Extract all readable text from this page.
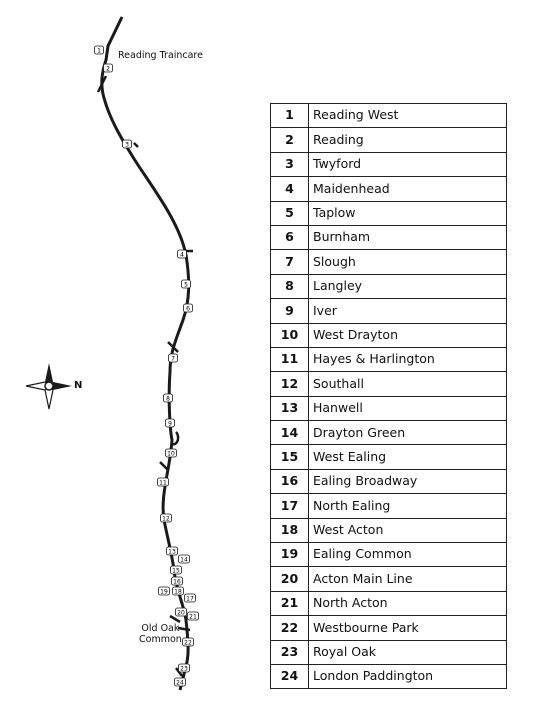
1
2
3
4
5
6
7
8
9
10
11
12
13
14
15
16
17
18
19
20
21
22
23
24
Reading Traincare
Old Oak
Common
N
1	Reading West
2	Reading
3	Twyford
4	Maidenhead
5	Taplow
6	Burnham
7	Slough
8	Langley
9	Iver
10	West Drayton
11	Hayes & Harlington
12	Southall
13	Hanwell
14	Drayton Green
15	West Ealing
16	Ealing Broadway
17	North Ealing
18	West Acton
19	Ealing Common
20	Acton Main Line
21	North Acton
22	Westbourne Park
23	Royal Oak
24	London Paddington
